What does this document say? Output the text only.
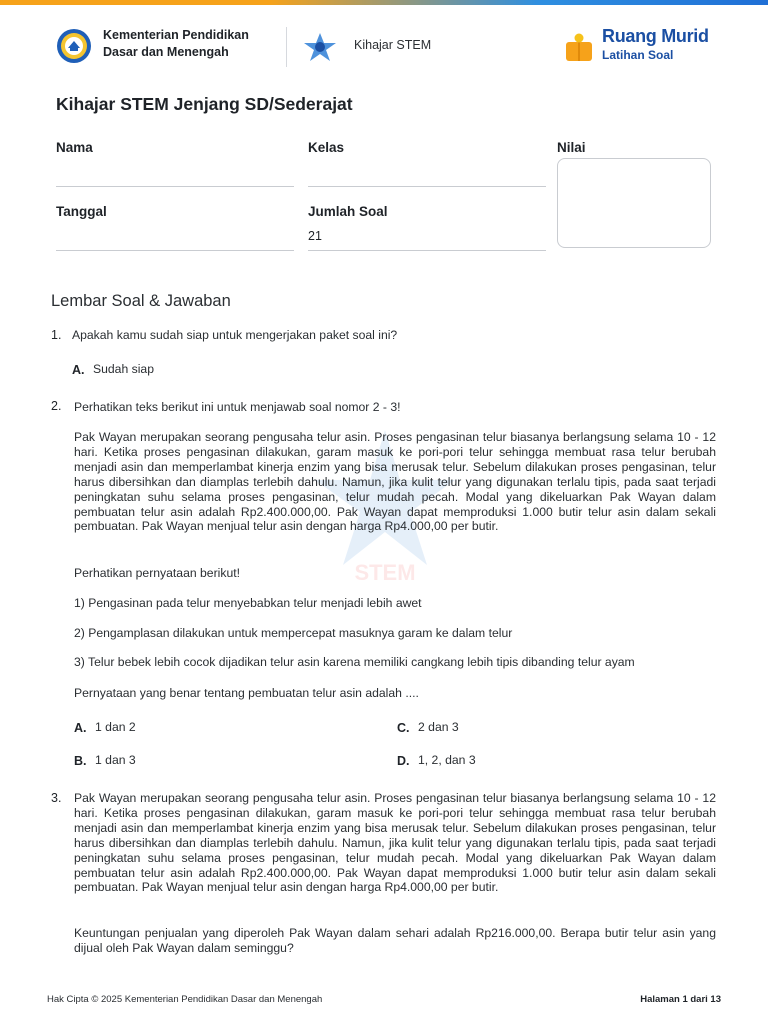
Kementerian Pendidikan
Dasar dan Menengah	Kihajar STEM	Ruang Murid
Latihan Soal
Kihajar STEM Jenjang SD/Sederajat
Nama	Kelas	Nilai
Tanggal	Jumlah Soal
21
Lembar Soal & Jawaban
STEM
1. Apakah kamu sudah siap untuk mengerjakan paket soal ini?
A. Sudah siap
2. Perhatikan teks berikut ini untuk menjawab soal nomor 2 - 3!
Pak Wayan merupakan seorang pengusaha telur asin. Proses pengasinan telur biasanya berlangsung selama 10 - 12 hari. Ketika proses pengasinan dilakukan, garam masuk ke pori-pori telur sehingga membuat rasa telur berubah menjadi asin dan memperlambat kinerja enzim yang bisa merusak telur. Sebelum dilakukan proses pengasinan, telur harus dibersihkan dan diamplas terlebih dahulu. Namun, jika kulit telur yang digunakan terlalu tipis, pada saat terjadi peningkatan suhu selama proses pengasinan, telur mudah pecah. Modal yang dikeluarkan Pak Wayan dalam pembuatan telur asin adalah Rp2.400.000,00. Pak Wayan dapat memproduksi 1.000 butir telur asin dalam sekali pembuatan. Pak Wayan menjual telur asin dengan harga Rp4.000,00 per butir.
Perhatikan pernyataan berikut!
1) Pengasinan pada telur menyebabkan telur menjadi lebih awet
2) Pengamplasan dilakukan untuk mempercepat masuknya garam ke dalam telur
3) Telur bebek lebih cocok dijadikan telur asin karena memiliki cangkang lebih tipis dibanding telur ayam
Pernyataan yang benar tentang pembuatan telur asin adalah ....
A. 1 dan 2
B. 1 dan 3
C. 2 dan 3
D. 1, 2, dan 3
3. Pak Wayan merupakan seorang pengusaha telur asin. Proses pengasinan telur biasanya berlangsung selama 10 - 12 hari. Ketika proses pengasinan dilakukan, garam masuk ke pori-pori telur sehingga membuat rasa telur berubah menjadi asin dan memperlambat kinerja enzim yang bisa merusak telur. Sebelum dilakukan proses pengasinan, telur harus dibersihkan dan diamplas terlebih dahulu. Namun, jika kulit telur yang digunakan terlalu tipis, pada saat terjadi peningkatan suhu selama proses pengasinan, telur mudah pecah. Modal yang dikeluarkan Pak Wayan dalam pembuatan telur asin adalah Rp2.400.000,00. Pak Wayan dapat memproduksi 1.000 butir telur asin dalam sekali pembuatan. Pak Wayan menjual telur asin dengan harga Rp4.000,00 per butir.
Keuntungan penjualan yang diperoleh Pak Wayan dalam sehari adalah Rp216.000,00. Berapa butir telur asin yang dijual oleh Pak Wayan dalam seminggu?
Hak Cipta © 2025 Kementerian Pendidikan Dasar dan Menengah	Halaman 1 dari 13
